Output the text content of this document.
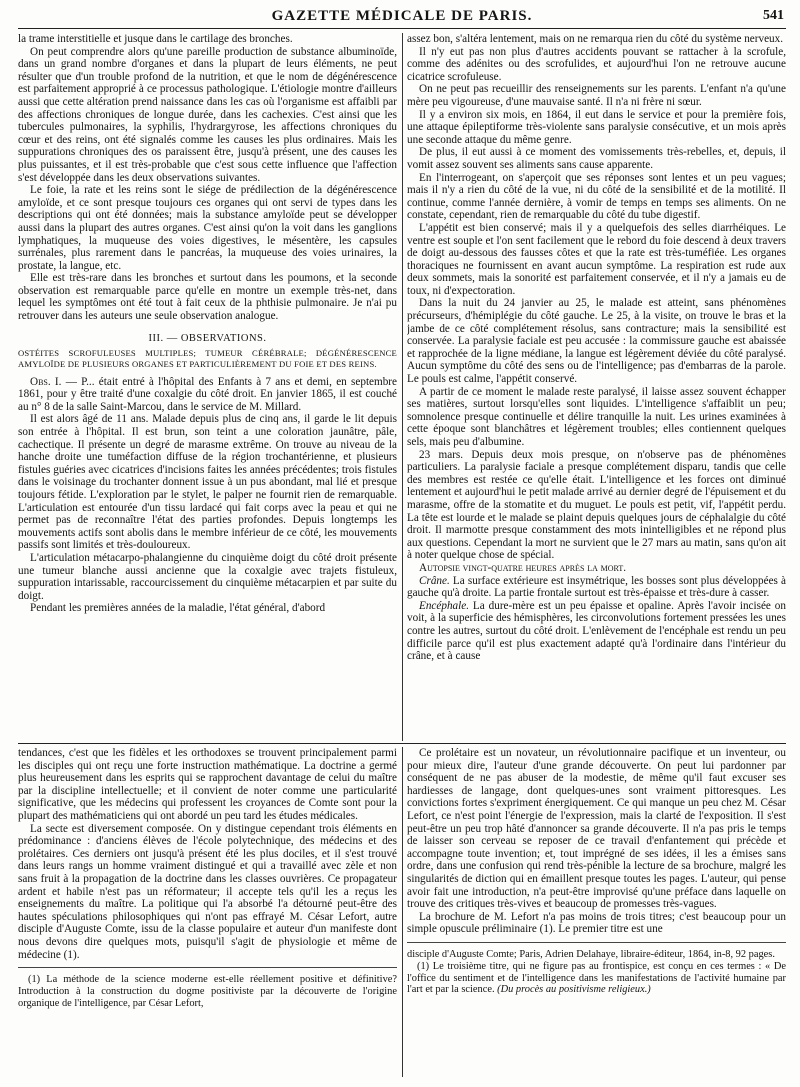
GAZETTE MÉDICALE DE PARIS.	541

la trame interstitielle et jusque dans le cartilage des bronches.

On peut comprendre alors qu'une pareille production de substance albuminoïde, dans un grand nombre d'organes et dans la plupart de leurs éléments, ne peut résulter que d'un trouble profond de la nutrition, et que le nom de dégénérescence est parfaitement approprié à ce processus pathologique. L'étiologie montre d'ailleurs aussi que cette altération prend naissance dans les cas où l'organisme est affaibli par des affections chroniques de longue durée, dans les cachexies. C'est ainsi que les tubercules pulmonaires, la syphilis, l'hydrargyrose, les affections chroniques du cœur et des reins, ont été signalés comme les causes les plus ordinaires. Mais les suppurations chroniques des os paraissent être, jusqu'à présent, une des causes les plus puissantes, et il est très-probable que c'est sous cette influence que l'affection s'est développée dans les deux observations suivantes.

Le foie, la rate et les reins sont le siége de prédilection de la dégénérescence amyloïde, et ce sont presque toujours ces organes qui ont servi de types dans les descriptions qui ont été données; mais la substance amyloïde peut se développer aussi dans la plupart des autres organes. C'est ainsi qu'on la voit dans les ganglions lymphatiques, la muqueuse des voies digestives, le mésentère, les capsules surrénales, plus rarement dans le pancréas, la muqueuse des voies urinaires, la prostate, la langue, etc.

Elle est très-rare dans les bronches et surtout dans les poumons, et la seconde observation est remarquable parce qu'elle en montre un exemple très-net, dans lequel les symptômes ont été tout à fait ceux de la phthisie pulmonaire. Je n'ai pu retrouver dans les auteurs une seule observation analogue.

III. — OBSERVATIONS.
OSTÉITES SCROFULEUSES MULTIPLES; TUMEUR CÉRÉBRALE; DÉGÉNÉRESCENCE AMYLOÏDE DE PLUSIEURS ORGANES ET PARTICULIÈREMENT DU FOIE ET DES REINS.

Obs. I. — P... était entré à l'hôpital des Enfants à 7 ans et demi, en septembre 1861, pour y être traité d'une coxalgie du côté droit. En janvier 1865, il est couché au n° 8 de la salle Saint-Marcou, dans le service de M. Millard.

Il est alors âgé de 11 ans. Malade depuis plus de cinq ans, il garde le lit depuis son entrée à l'hôpital. Il est brun, son teint a une coloration jaunâtre, pâle, cachectique. Il présente un degré de marasme extrême. On trouve au niveau de la hanche droite une tuméfaction diffuse de la région trochantérienne, et plusieurs fistules guéries avec cicatrices d'incisions faites les années précédentes; trois fistules dans le voisinage du trochanter donnent issue à un pus abondant, mal lié et presque toujours fétide. L'exploration par le stylet, le palper ne fournit rien de remarquable. L'articulation est entourée d'un tissu lardacé qui fait corps avec la peau et qui ne permet pas de reconnaître l'état des parties profondes. Depuis longtemps les mouvements actifs sont abolis dans le membre inférieur de ce côté, les mouvements passifs sont limités et très-douloureux.

L'articulation métacarpo-phalangienne du cinquième doigt du côté droit présente une tumeur blanche aussi ancienne que la coxalgie avec trajets fistuleux, suppuration intarissable, raccourcissement du cinquième métacarpien et par suite du doigt.

Pendant les premières années de la maladie, l'état général, d'abord

assez bon, s'altéra lentement, mais on ne remarqua rien du côté du système nerveux.

Il n'y eut pas non plus d'autres accidents pouvant se rattacher à la scrofule, comme des adénites ou des scrofulides, et aujourd'hui l'on ne retrouve aucune cicatrice scrofuleuse.

On ne peut pas recueillir des renseignements sur les parents. L'enfant n'a qu'une mère peu vigoureuse, d'une mauvaise santé. Il n'a ni frère ni sœur.

Il y a environ six mois, en 1864, il eut dans le service et pour la première fois, une attaque épileptiforme très-violente sans paralysie consécutive, et un mois après une seconde attaque du même genre.

De plus, il eut aussi à ce moment des vomissements très-rebelles, et, depuis, il vomit assez souvent ses aliments sans cause apparente.

En l'interrogeant, on s'aperçoit que ses réponses sont lentes et un peu vagues; mais il n'y a rien du côté de la vue, ni du côté de la sensibilité et de la motilité. Il continue, comme l'année dernière, à vomir de temps en temps ses aliments. On ne constate, cependant, rien de remarquable du côté du tube digestif.

L'appétit est bien conservé; mais il y a quelquefois des selles diarrhéiques. Le ventre est souple et l'on sent facilement que le rebord du foie descend à deux travers de doigt au-dessous des fausses côtes et que la rate est très-tuméfiée. Les organes thoraciques ne fournissent en avant aucun symptôme. La respiration est rude aux deux sommets, mais la sonorité est parfaitement conservée, et il n'y a jamais eu de toux, ni d'expectoration.

Dans la nuit du 24 janvier au 25, le malade est atteint, sans phénomènes précurseurs, d'hémiplégie du côté gauche. Le 25, à la visite, on trouve le bras et la jambe de ce côté complétement résolus, sans contracture; mais la sensibilité est conservée. La paralysie faciale est peu accusée : la commissure gauche est abaissée et rapprochée de la ligne médiane, la langue est légèrement déviée du côté paralysé. Aucun symptôme du côté des sens ou de l'intelligence; pas d'embarras de la parole. Le pouls est calme, l'appétit conservé.

A partir de ce moment le malade reste paralysé, il laisse assez souvent échapper ses matières, surtout lorsqu'elles sont liquides. L'intelligence s'affaiblit un peu; somnolence presque continuelle et délire tranquille la nuit. Les urines examinées à cette époque sont blanchâtres et légèrement troubles; elles contiennent quelques sels, mais peu d'albumine.

23 mars. Depuis deux mois presque, on n'observe pas de phénomènes particuliers. La paralysie faciale a presque complétement disparu, tandis que celle des membres est restée ce qu'elle était. L'intelligence et les forces ont diminué lentement et aujourd'hui le petit malade arrivé au dernier degré de l'épuisement et du marasme, offre de la stomatite et du muguet. Le pouls est petit, vif, l'appétit perdu. La tête est lourde et le malade se plaint depuis quelques jours de céphalalgie du côté droit. Il marmotte presque constamment des mots inintelligibles et ne répond plus aux questions. Cependant la mort ne survient que le 27 mars au matin, sans qu'on ait à noter quelque chose de spécial.

Autopsie vingt-quatre heures après la mort.

Crâne. La surface extérieure est insymétrique, les bosses sont plus développées à gauche qu'à droite. La partie frontale surtout est très-épaisse et très-dure à casser.

Encéphale. La dure-mère est un peu épaisse et opaline. Après l'avoir incisée on voit, à la superficie des hémisphères, les circonvolutions fortement pressées les unes contre les autres, surtout du côté droit. L'enlèvement de l'encéphale est rendu un peu difficile parce qu'il est plus exactement adapté qu'à l'ordinaire dans l'intérieur du crâne, et à cause

tendances, c'est que les fidèles et les orthodoxes se trouvent principalement parmi les disciples qui ont reçu une forte instruction mathématique. La doctrine a germé plus heureusement dans les esprits qui se rapprochent davantage de celui du maître par la discipline intellectuelle; et il convient de noter comme une particularité significative, que les médecins qui professent les croyances de Comte sont pour la plupart des mathématiciens qui ont abordé un peu tard les études médicales.

La secte est diversement composée. On y distingue cependant trois éléments en prédominance : d'anciens élèves de l'école polytechnique, des médecins et des prolétaires. Ces derniers ont jusqu'à présent été les plus dociles, et il s'est trouvé dans leurs rangs un homme vraiment distingué et qui a travaillé avec zèle et non sans fruit à la propagation de la doctrine dans les classes ouvrières. Ce propagateur ardent et habile n'est pas un réformateur; il accepte tels qu'il les a reçus les enseignements du maître. La politique qui l'a absorbé l'a détourné peut-être des hautes spéculations philosophiques qui n'ont pas effrayé M. César Lefort, autre disciple d'Auguste Comte, issu de la classe populaire et auteur d'un manifeste dont nous devons dire quelques mots, puisqu'il s'agit de physiologie et même de médecine (1).

(1) La méthode de la science moderne est-elle réellement positive et définitive? Introduction à la construction du dogme positiviste par la découverte de l'origine organique de l'intelligence, par César Lefort,

Ce prolétaire est un novateur, un révolutionnaire pacifique et un inventeur, ou pour mieux dire, l'auteur d'une grande découverte. On peut lui pardonner par conséquent de ne pas abuser de la modestie, de même qu'il faut excuser ses hardiesses de langage, dont quelques-unes sont vraiment pittoresques. Les convictions fortes s'expriment énergiquement. Ce qui manque un peu chez M. César Lefort, ce n'est point l'énergie de l'expression, mais la clarté de l'exposition. Il s'est peut-être un peu trop hâté d'annoncer sa grande découverte. Il n'a pas pris le temps de laisser son cerveau se reposer de ce travail d'enfantement qui précède et accompagne toute invention; et, tout imprégné de ses idées, il les a émises sans ordre, dans une confusion qui rend très-pénible la lecture de sa brochure, malgré les singularités de diction qui en émaillent presque toutes les pages. L'auteur, qui pense avoir fait une introduction, n'a peut-être improvisé qu'une préface dans laquelle on trouve des critiques très-vives et beaucoup de promesses très-vagues.

La brochure de M. Lefort n'a pas moins de trois titres; c'est beaucoup pour un simple opuscule préliminaire (1). Le premier titre est une

disciple d'Auguste Comte; Paris, Adrien Delahaye, libraire-éditeur, 1864, in-8, 92 pages.

(1) Le troisième titre, qui ne figure pas au frontispice, est conçu en ces termes : « De l'office du sentiment et de l'intelligence dans les manifestations de l'activité humaine par l'art et par la science. (Du procès au positivisme religieux.)
